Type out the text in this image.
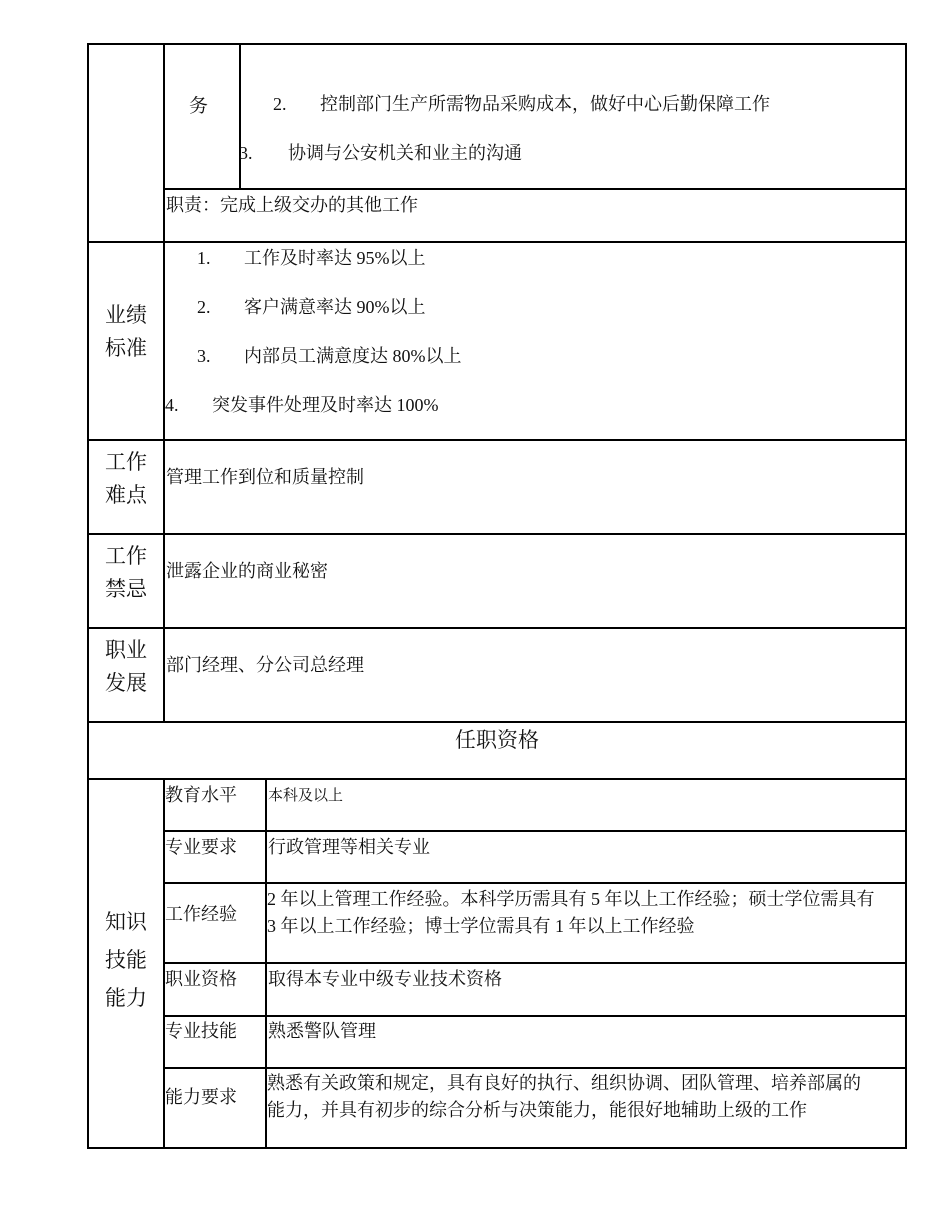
务	2. 控制部门生产所需物品采购成本，做好中心后勤保障工作
3. 协调与公安机关和业主的沟通
职责：完成上级交办的其他工作
业绩
标准
1. 工作及时率达 95%以上
2. 客户满意率达 90%以上
3. 内部员工满意度达 80%以上
4. 突发事件处理及时率达 100%
工作
难点
管理工作到位和质量控制
工作
禁忌
泄露企业的商业秘密
职业
发展
部门经理、分公司总经理
任职资格
知识
技能
能力
教育水平 本科及以上
专业要求 行政管理等相关专业
工作经验
2 年以上管理工作经验。本科学历需具有 5 年以上工作经验；硕士学位需具有
3 年以上工作经验；博士学位需具有 1 年以上工作经验
职业资格 取得本专业中级专业技术资格
专业技能 熟悉警队管理
能力要求
熟悉有关政策和规定，具有良好的执行、组织协调、团队管理、培养部属的
能力，并具有初步的综合分析与决策能力，能很好地辅助上级的工作
